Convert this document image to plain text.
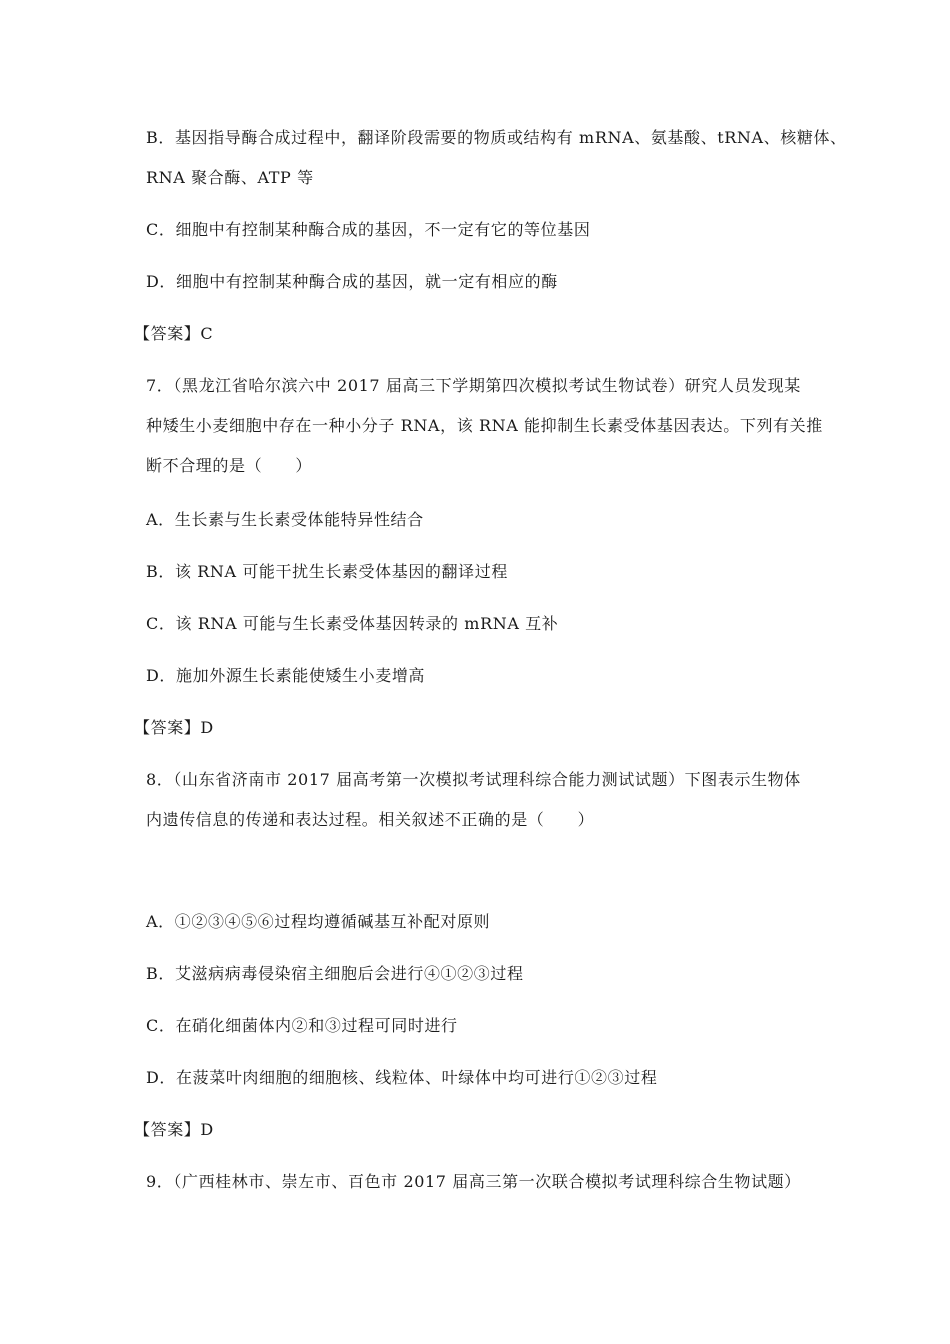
B．基因指导酶合成过程中，翻译阶段需要的物质或结构有 mRNA、氨基酸、tRNA、核糖体、
RNA 聚合酶、ATP 等
C．细胞中有控制某种酶合成的基因，不一定有它的等位基因
D．细胞中有控制某种酶合成的基因，就一定有相应的酶
【答案】C
7．（黑龙江省哈尔滨六中 2017 届高三下学期第四次模拟考试生物试卷）研究人员发现某
种矮生小麦细胞中存在一种小分子 RNA，该 RNA 能抑制生长素受体基因表达。下列有关推
断不合理的是（　　）
A．生长素与生长素受体能特异性结合
B．该 RNA 可能干扰生长素受体基因的翻译过程
C．该 RNA 可能与生长素受体基因转录的 mRNA 互补
D．施加外源生长素能使矮生小麦增高
【答案】D
8．（山东省济南市 2017 届高考第一次模拟考试理科综合能力测试试题）下图表示生物体
内遗传信息的传递和表达过程。相关叙述不正确的是（　　）
A．①②③④⑤⑥过程均遵循碱基互补配对原则
B．艾滋病病毒侵染宿主细胞后会进行④①②③过程
C．在硝化细菌体内②和③过程可同时进行
D．在菠菜叶肉细胞的细胞核、线粒体、叶绿体中均可进行①②③过程
【答案】D
9．（广西桂林市、崇左市、百色市 2017 届高三第一次联合模拟考试理科综合生物试题）
